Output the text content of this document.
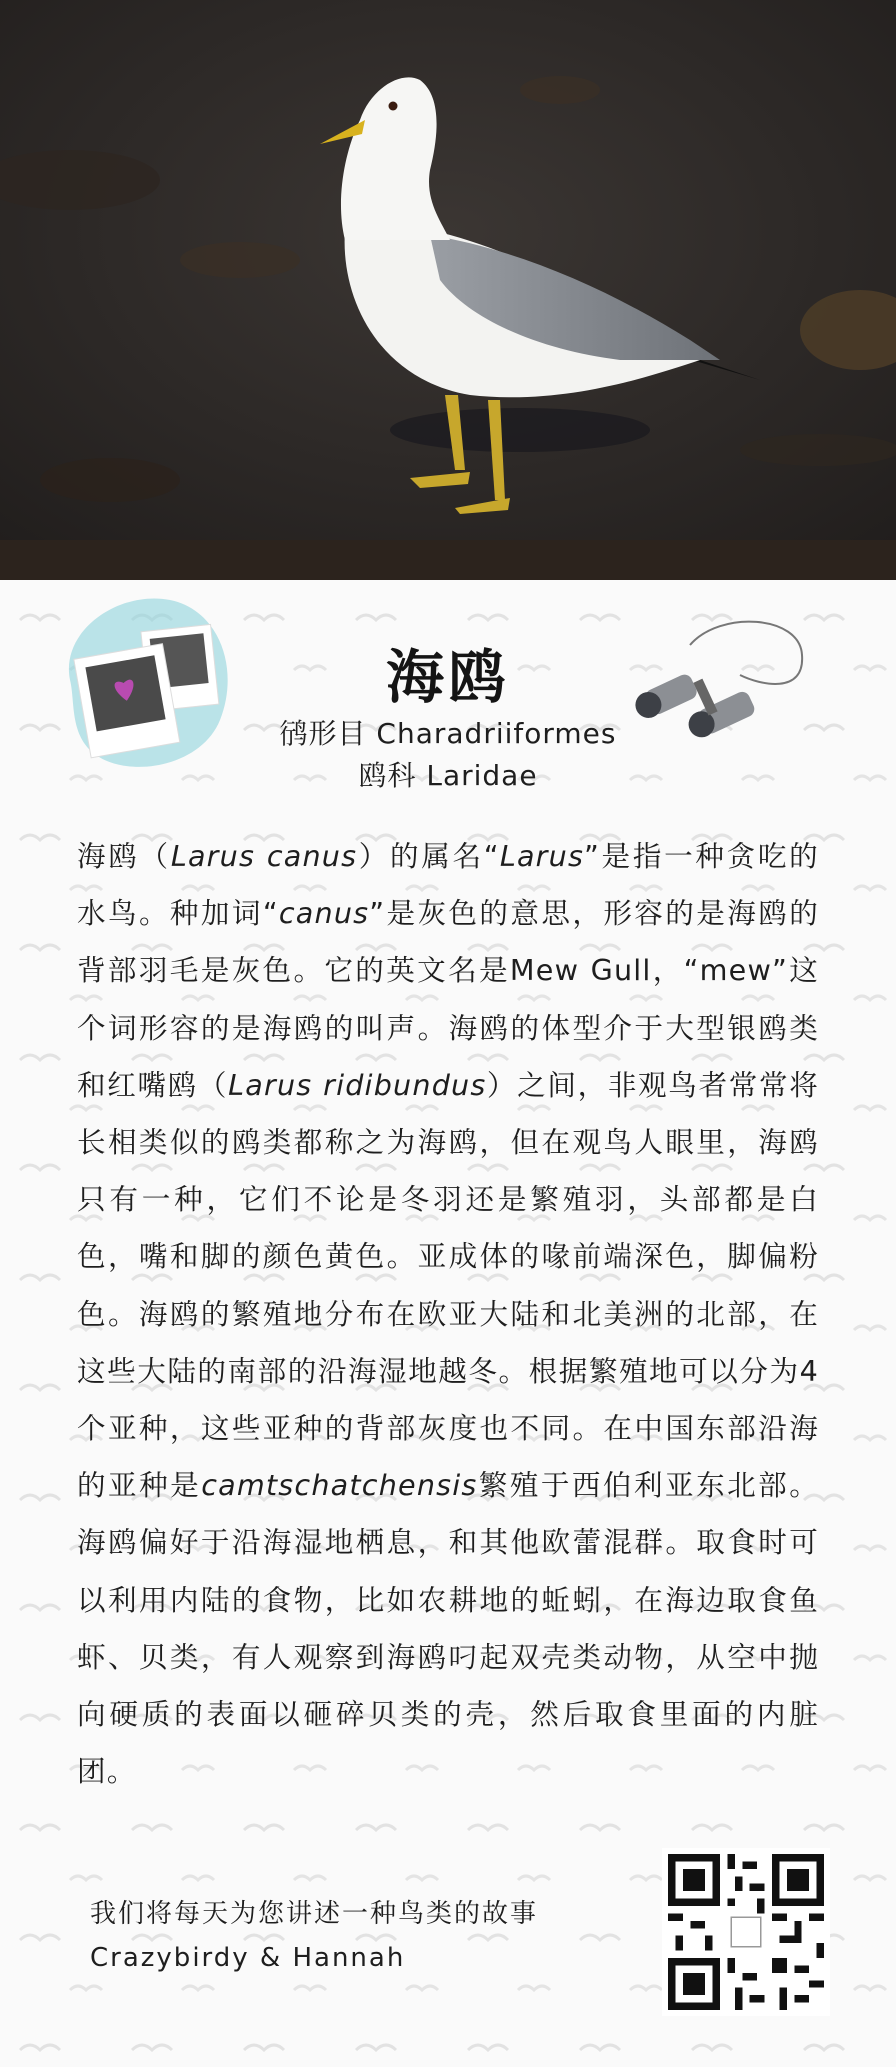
海鸥
鸻形目 Charadriiformes
鸥科 Laridae
海鸥（Larus canus）的属名“Larus”是指一种贪吃的水鸟。种加词“canus”是灰色的意思，形容的是海鸥的背部羽毛是灰色。它的英文名是Mew Gull，“mew”这个词形容的是海鸥的叫声。海鸥的体型介于大型银鸥类和红嘴鸥（Larus ridibundus）之间，非观鸟者常常将长相类似的鸥类都称之为海鸥，但在观鸟人眼里，海鸥只有一种，它们不论是冬羽还是繁殖羽，头部都是白色，嘴和脚的颜色黄色。亚成体的喙前端深色，脚偏粉色。海鸥的繁殖地分布在欧亚大陆和北美洲的北部，在这些大陆的南部的沿海湿地越冬。根据繁殖地可以分为4个亚种，这些亚种的背部灰度也不同。在中国东部沿海的亚种是camtschatchensis繁殖于西伯利亚东北部。海鸥偏好于沿海湿地栖息，和其他欧蕾混群。取食时可以利用内陆的食物，比如农耕地的蚯蚓，在海边取食鱼虾、贝类，有人观察到海鸥叼起双壳类动物，从空中抛向硬质的表面以砸碎贝类的壳，然后取食里面的内脏团。
我们将每天为您讲述一种鸟类的故事
Crazybirdy & Hannah
